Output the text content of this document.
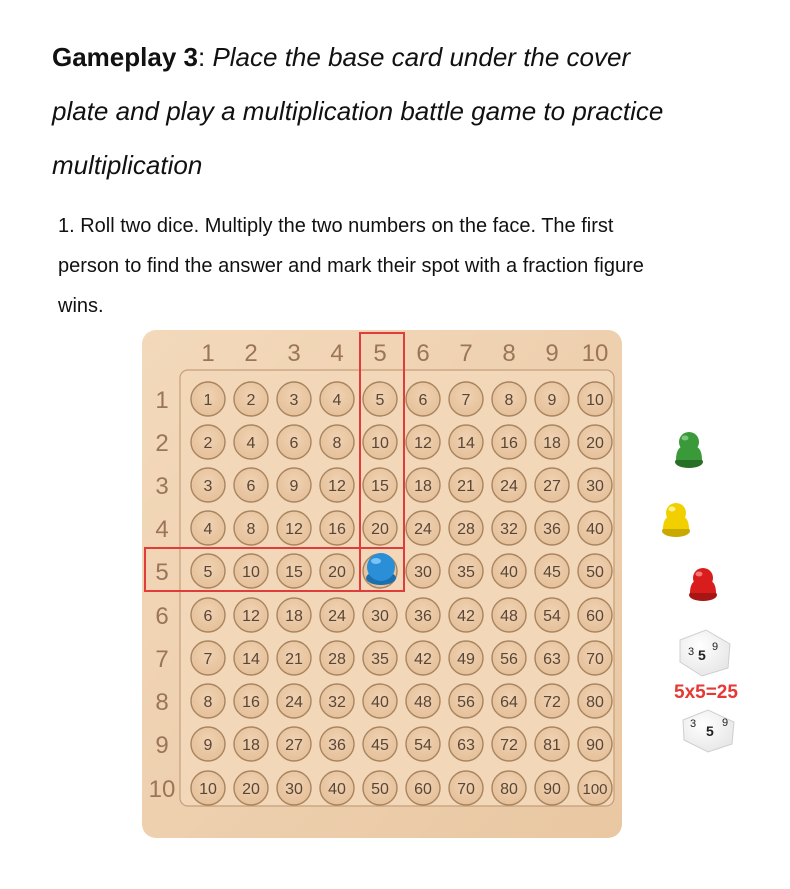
Gameplay 3: Place the base card under the cover
plate and play a multiplication battle game to practice
multiplication
1. Roll two dice. Multiply the two numbers on the face. The first
person to find the answer and mark their spot with a fraction figure
wins.
1 2 3 4 5 6 7 8 9 10
1
2
3
4
5
6
7
8
9
10
1 2 3 4 5 6 7 8 9 10
2 4 6 8 10 12 14 16 18 20
3 6 9 12 15 18 21 24 27 30
4 8 12 16 20 24 28 32 36 40
5 10 15 20	30 35 40 45 50
6 12 18 24 30 36 42 48 54 60
7 14 21 28 35 42 49 56 63 70
8 16 24 32 40 48 56 64 72 80
9 18 27 36 45 54 63 72 81 90
10 20 30 40 50 60 70 80 90 100
3 5 9
3 5 9
5x5=25
